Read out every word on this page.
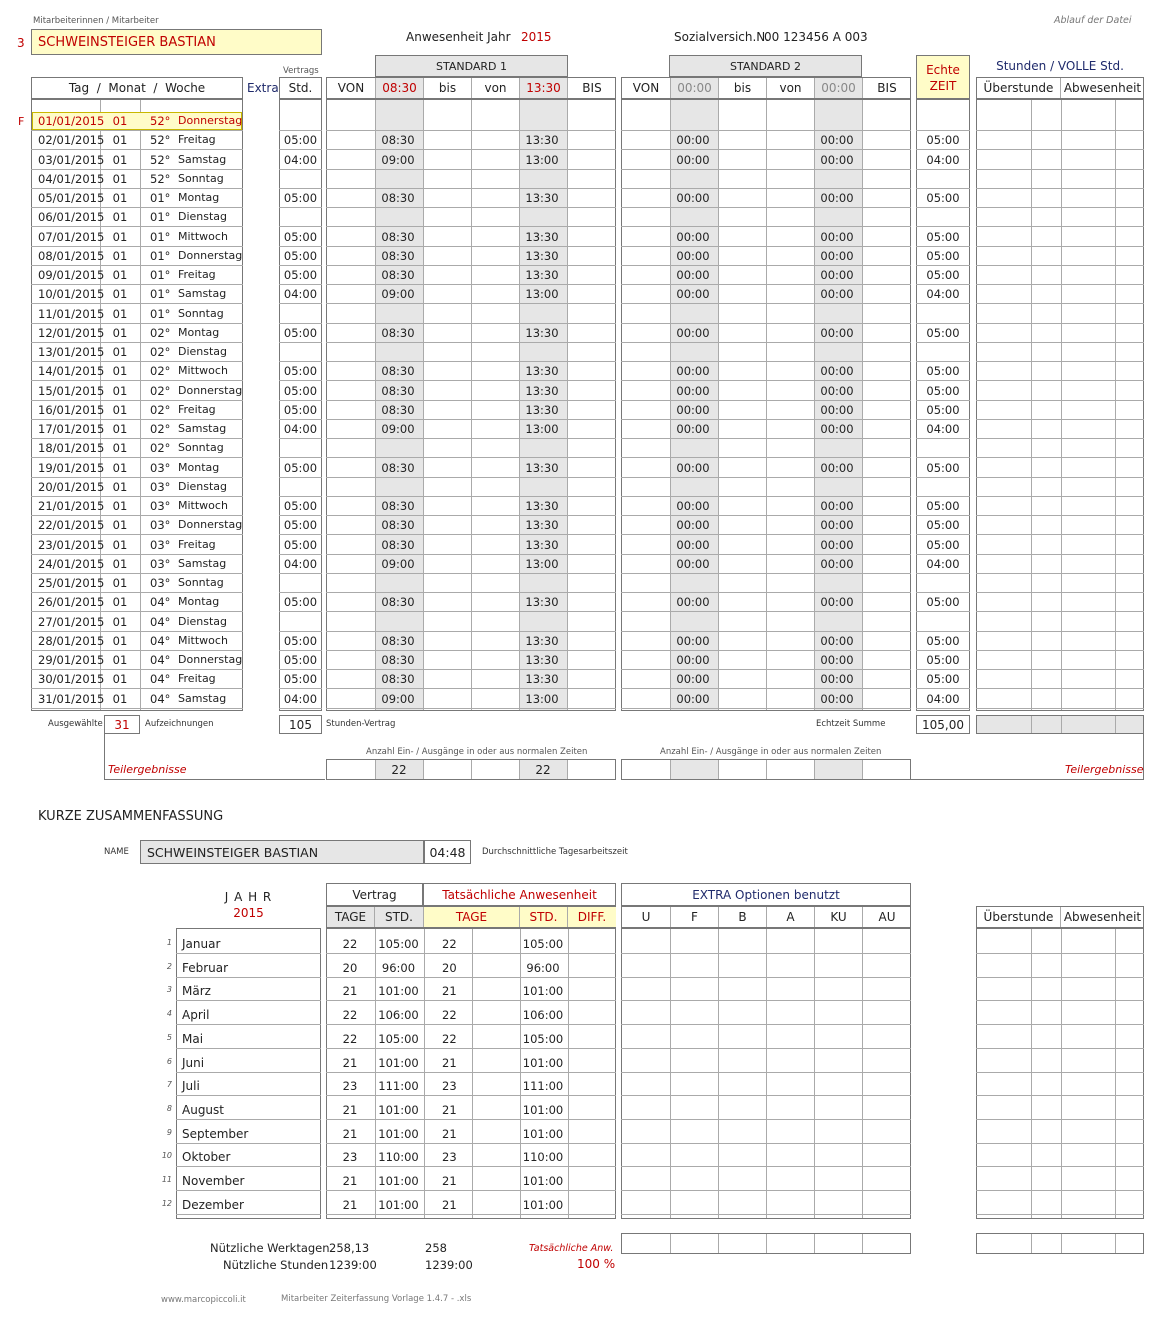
Mitarbeiterinnen / Mitarbeiter
3 SCHWEINSTEIGER BASTIAN	Anwesenheit Jahr 2015	Sozialversich.N.
00 123456 A 003
Ablauf der Datei
STANDARD 1	STANDARD 2
Vertrags	Echte
ZEIT
Stunden / VOLLE Std.
Tag  /  Monat  /  Woche	Extra Std.	VON	08:30	bis	von	13:30	BIS	VON	00:00	bis	von	00:00	BIS	Überstunde Abwesenheit
F 01/01/2015 01	52° Donnerstag
02/01/2015 01	52° Freitag	05:00	08:30	13:30	00:00	00:00	05:00
03/01/2015 01	52° Samstag	04:00	09:00	13:00	00:00	00:00	04:00
04/01/2015 01	52° Sonntag
05/01/2015 01	01° Montag	05:00	08:30	13:30	00:00	00:00	05:00
06/01/2015 01	01° Dienstag
07/01/2015 01	01° Mittwoch	05:00	08:30	13:30	00:00	00:00	05:00
08/01/2015 01	01° Donnerstag	05:00	08:30	13:30	00:00	00:00	05:00
09/01/2015 01	01° Freitag	05:00	08:30	13:30	00:00	00:00	05:00
10/01/2015 01	01° Samstag	04:00	09:00	13:00	00:00	00:00	04:00
11/01/2015 01	01° Sonntag
12/01/2015 01	02° Montag	05:00	08:30	13:30	00:00	00:00	05:00
13/01/2015 01	02° Dienstag
14/01/2015 01	02° Mittwoch	05:00	08:30	13:30	00:00	00:00	05:00
15/01/2015 01	02° Donnerstag	05:00	08:30	13:30	00:00	00:00	05:00
16/01/2015 01	02° Freitag	05:00	08:30	13:30	00:00	00:00	05:00
17/01/2015 01	02° Samstag	04:00	09:00	13:00	00:00	00:00	04:00
18/01/2015 01	02° Sonntag
19/01/2015 01	03° Montag	05:00	08:30	13:30	00:00	00:00	05:00
20/01/2015 01	03° Dienstag
21/01/2015 01	03° Mittwoch	05:00	08:30	13:30	00:00	00:00	05:00
22/01/2015 01	03° Donnerstag	05:00	08:30	13:30	00:00	00:00	05:00
23/01/2015 01	03° Freitag	05:00	08:30	13:30	00:00	00:00	05:00
24/01/2015 01	03° Samstag	04:00	09:00	13:00	00:00	00:00	04:00
25/01/2015 01	03° Sonntag
26/01/2015 01	04° Montag	05:00	08:30	13:30	00:00	00:00	05:00
27/01/2015 01	04° Dienstag
28/01/2015 01	04° Mittwoch	05:00	08:30	13:30	00:00	00:00	05:00
29/01/2015 01	04° Donnerstag	05:00	08:30	13:30	00:00	00:00	05:00
30/01/2015 01	04° Freitag	05:00	08:30	13:30	00:00	00:00	05:00
31/01/2015 01	04° Samstag	04:00	09:00	13:00	00:00	00:00	04:00
Ausgewählte 31	Aufzeichnungen	105	Stunden-Vertrag	Echtzeit Summe	105,00
Teilergebnisse	Teilergebnisse
Anzahl Ein- / Ausgänge in oder aus normalen Zeiten	Anzahl Ein- / Ausgänge in oder aus normalen Zeiten
22	22
KURZE ZUSAMMENFASSUNG
NAME SCHWEINSTEIGER BASTIAN	04:48	Durchschnittliche Tagesarbeitszeit
J A H R
2015
Vertrag	Tatsächliche Anwesenheit	EXTRA Optionen benutzt
TAGE	STD.	TAGE	STD.	DIFF.	U	F	B	A	KU	AU	Überstunde Abwesenheit
1 Januar	22	105:00	22	105:00
2 Februar	20	96:00	20	96:00
3 März	21	101:00	21	101:00
4 April	22	106:00	22	106:00
5 Mai	22	105:00	22	105:00
6 Juni	21	101:00	21	101:00
7 Juli	23	111:00	23	111:00
8 August	21	101:00	21	101:00
9 September	21	101:00	21	101:00
10 Oktober	23	110:00	23	110:00
11 November	21	101:00	21	101:00
12 Dezember	21	101:00	21	101:00
Nützliche Werktagen 258,13	258
Nützliche Stunden 1239:00	1239:00
Tatsächliche Anw.
100 %
www.marcopiccoli.it	Mitarbeiter Zeiterfassung Vorlage 1.4.7 - .xls
